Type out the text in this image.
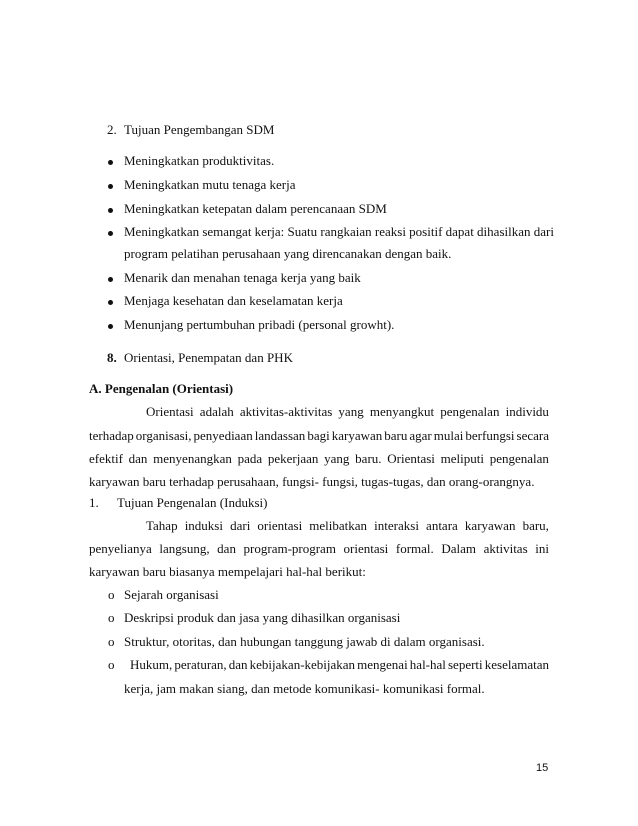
2. Tujuan Pengembangan SDM
Meningkatkan produktivitas.
Meningkatkan mutu tenaga kerja
Meningkatkan ketepatan dalam perencanaan SDM
Meningkatkan semangat kerja: Suatu rangkaian reaksi positif dapat dihasilkan dari
program pelatihan perusahaan yang direncanakan dengan baik.
Menarik dan menahan tenaga kerja yang baik
Menjaga kesehatan dan keselamatan kerja
Menunjang pertumbuhan pribadi (personal growht).
8. Orientasi, Penempatan dan PHK
A. Pengenalan (Orientasi)
Orientasi adalah aktivitas-aktivitas yang menyangkut pengenalan individu
terhadap organisasi, penyediaan landassan bagi karyawan baru agar mulai berfungsi secara
efektif dan menyenangkan pada pekerjaan yang baru. Orientasi meliputi pengenalan
karyawan baru terhadap perusahaan, fungsi- fungsi, tugas-tugas, dan orang-orangnya.
1. Tujuan Pengenalan (Induksi)
Tahap induksi dari orientasi melibatkan interaksi antara karyawan baru,
penyelianya langsung, dan program-program orientasi formal. Dalam aktivitas ini
karyawan baru biasanya mempelajari hal-hal berikut:
o Sejarah organisasi
o Deskripsi produk dan jasa yang dihasilkan organisasi
o Struktur, otoritas, dan hubungan tanggung jawab di dalam organisasi.
o Hukum, peraturan, dan kebijakan-kebijakan mengenai hal-hal seperti keselamatan
kerja, jam makan siang, dan metode komunikasi- komunikasi formal.
15
